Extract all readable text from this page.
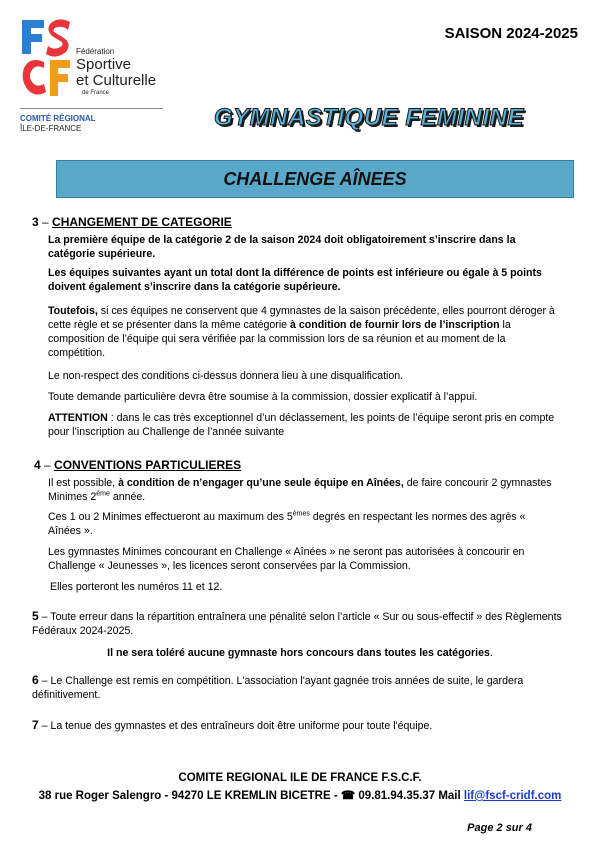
Fédération
Sportive
et Culturelle
de France
COMITÉ RÉGIONAL
ÎLE-DE-FRANCE
SAISON 2024-2025
GYMNASTIQUE FEMININE
CHALLENGE AÎNEES
3 – CHANGEMENT DE CATEGORIE
La première équipe de la catégorie 2 de la saison 2024 doit obligatoirement s’inscrire dans la catégorie supérieure.
Les équipes suivantes ayant un total dont la différence de points est inférieure ou égale à 5 points doivent également s’inscrire dans la catégorie supérieure.
Toutefois, si ces équipes ne conservent que 4 gymnastes de la saison précédente, elles pourront déroger à cette règle et se présenter dans la même catégorie à condition de fournir lors de l’inscription la composition de l’équipe qui sera vérifiée par la commission lors de sa réunion et au moment de la compétition.
Le non-respect des conditions ci-dessus donnera lieu à une disqualification.
Toute demande particulière devra être soumise à la commission, dossier explicatif à l’appui.
ATTENTION : dans le cas très exceptionnel d’un déclassement, les points de l’équipe seront pris en compte pour l’inscription au Challenge de l’année suivante
4 – CONVENTIONS PARTICULIERES
Il est possible, à condition de n’engager qu’une seule équipe en Aînées, de faire concourir 2 gymnastes Minimes 2ème année.
Ces 1 ou 2 Minimes effectueront au maximum des 5èmes degrés en respectant les normes des agrès « Aînées ».
Les gymnastes Minimes concourant en Challenge « Aînées » ne seront pas autorisées à concourir en Challenge « Jeunesses », les licences seront conservées par la Commission.
Elles porteront les numéros 11 et 12.
5 – Toute erreur dans la répartition entraînera une pénalité selon l’article « Sur ou sous-effectif » des Règlements Fédéraux 2024-2025.
Il ne sera toléré aucune gymnaste hors concours dans toutes les catégories.
6 – Le Challenge est remis en compétition. L'association l'ayant gagnée trois années de suite, le gardera définitivement.
7 – La tenue des gymnastes et des entraîneurs doit être uniforme pour toute l'équipe.
COMITE REGIONAL ILE DE FRANCE F.S.C.F.
38 rue Roger Salengro - 94270 LE KREMLIN BICETRE - ☎ 09.81.94.35.37 Mail lif@fscf-cridf.com
Page 2 sur 4
